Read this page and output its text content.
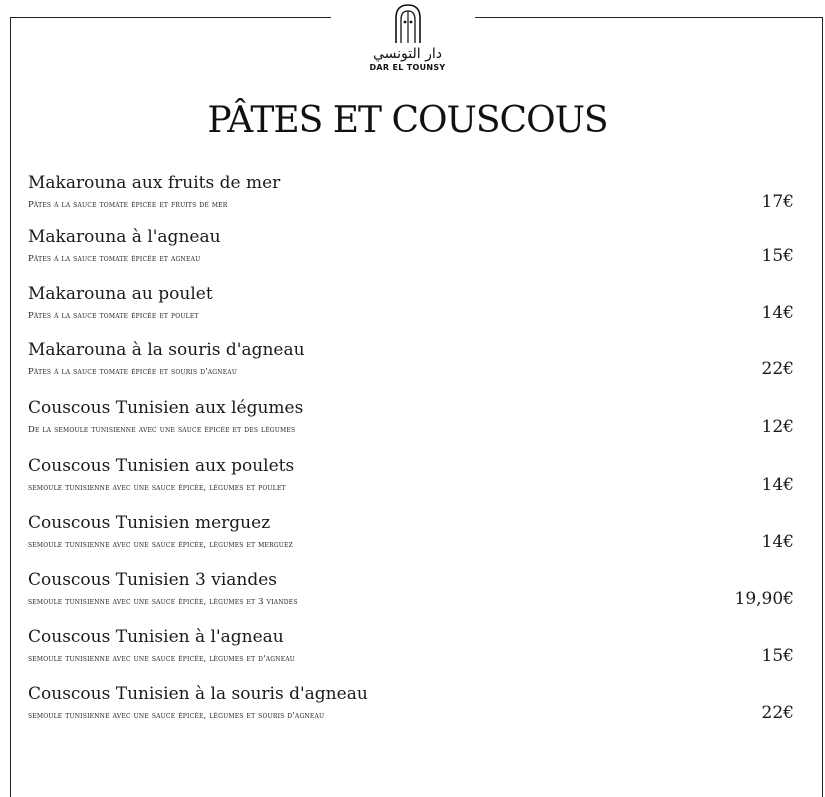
دار التونسي
DAR EL TOUNSY
PÂTES ET COUSCOUS
Makarouna aux fruits de mer
Pâtes à la sauce tomate épicée et fruits de mer	17€
Makarouna à l'agneau
Pâtes à la sauce tomate épicée et agneau	15€
Makarouna au poulet
Pâtes à la sauce tomate épicée et poulet	14€
Makarouna à la souris d'agneau
Pâtes à la sauce tomate épicée et souris d'agneau	22€
Couscous Tunisien aux légumes
De la semoule tunisienne avec une sauce épicée et des légumes	12€
Couscous Tunisien aux poulets
semoule tunisienne avec une sauce épicée, légumes et poulet	14€
Couscous Tunisien merguez
semoule tunisienne avec une sauce épicée, légumes et merguez	14€
Couscous Tunisien 3 viandes
semoule tunisienne avec une sauce épicée, légumes et 3 viandes	19,90€
Couscous Tunisien à l'agneau
semoule tunisienne avec une sauce épicée, légumes et d'agneau	15€
Couscous Tunisien à la souris d'agneau
semoule tunisienne avec une sauce épicée, légumes et souris d'agneau	22€
